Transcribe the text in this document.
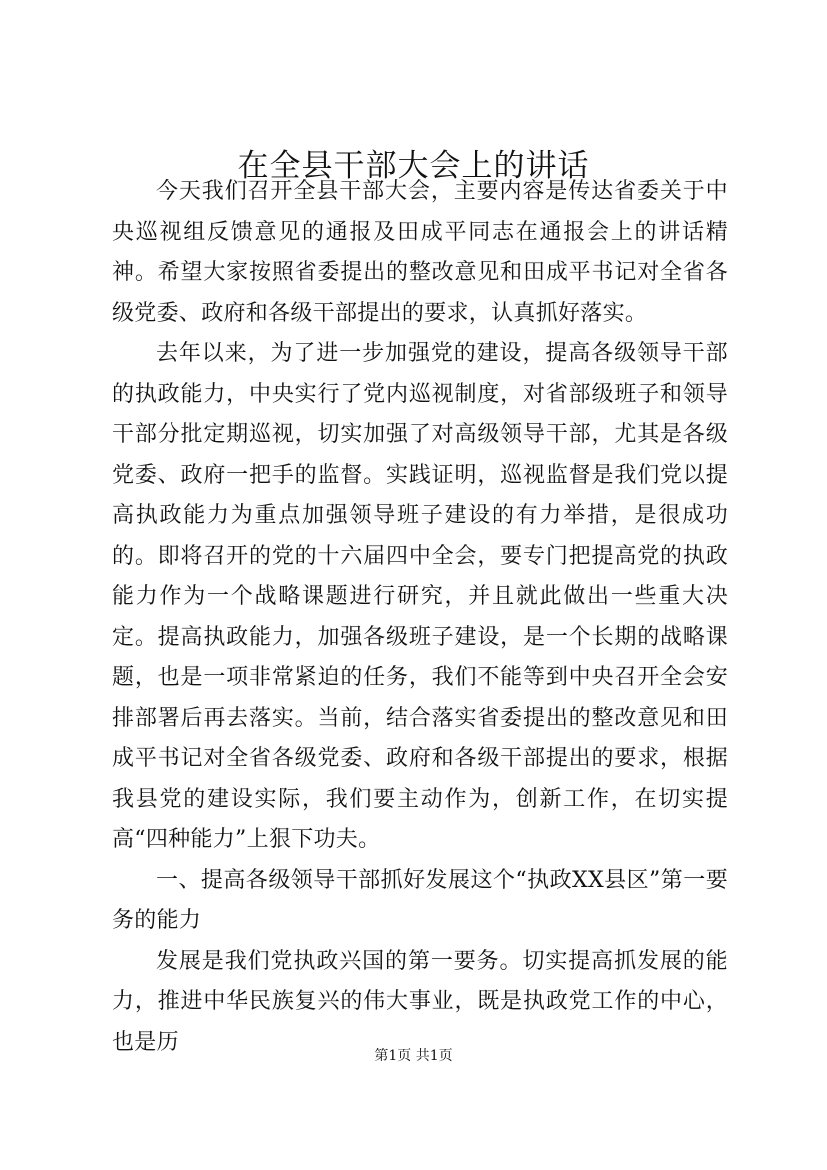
在全县干部大会上的讲话

今天我们召开全县干部大会，主要内容是传达省委关于中央巡视组反馈意见的通报及田成平同志在通报会上的讲话精神。希望大家按照省委提出的整改意见和田成平书记对全省各级党委、政府和各级干部提出的要求，认真抓好落实。

去年以来，为了进一步加强党的建设，提高各级领导干部的执政能力，中央实行了党内巡视制度，对省部级班子和领导干部分批定期巡视，切实加强了对高级领导干部，尤其是各级党委、政府一把手的监督。实践证明，巡视监督是我们党以提高执政能力为重点加强领导班子建设的有力举措，是很成功的。即将召开的党的十六届四中全会，要专门把提高党的执政能力作为一个战略课题进行研究，并且就此做出一些重大决定。提高执政能力，加强各级班子建设，是一个长期的战略课题，也是一项非常紧迫的任务，我们不能等到中央召开全会安排部署后再去落实。当前，结合落实省委提出的整改意见和田成平书记对全省各级党委、政府和各级干部提出的要求，根据我县党的建设实际，我们要主动作为，创新工作，在切实提高“四种能力”上狠下功夫。

一、提高各级领导干部抓好发展这个“执政XX县区”第一要务的能力

发展是我们党执政兴国的第一要务。切实提高抓发展的能力，推进中华民族复兴的伟大事业，既是执政党工作的中心，也是历

第1页 共1页
